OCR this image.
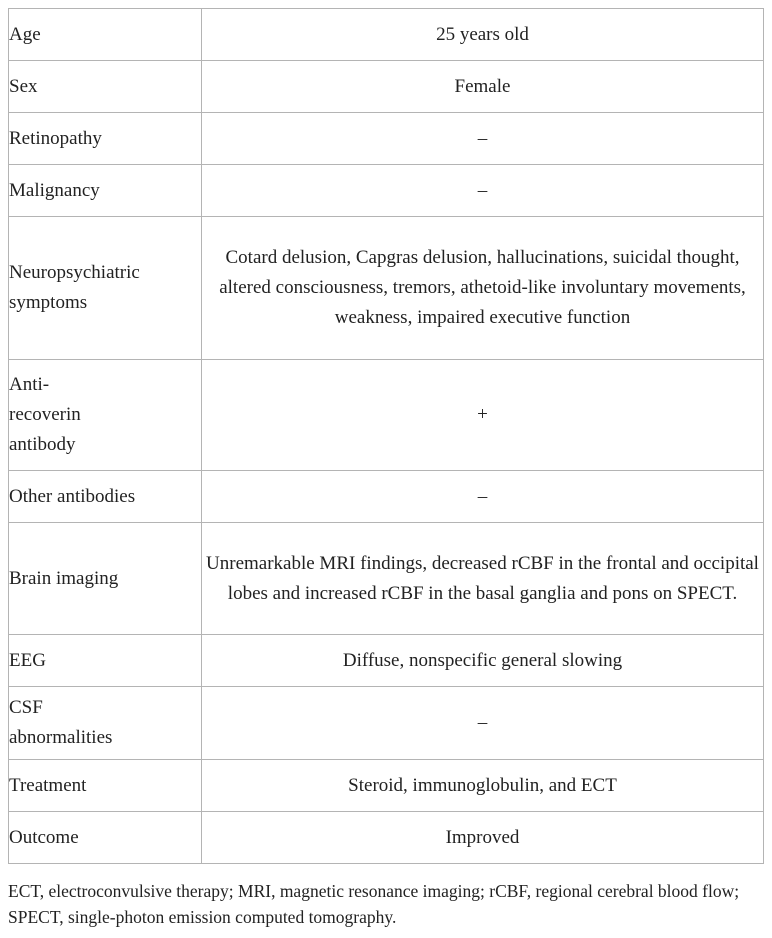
Age	25 years old
Sex	Female
Retinopathy	–
Malignancy	–
Neuropsychiatric symptoms	Cotard delusion, Capgras delusion, hallucinations, suicidal thought, altered consciousness, tremors, athetoid-like involuntary movements, weakness, impaired executive function
Anti-recoverin antibody	+
Other antibodies	–
Brain imaging	Unremarkable MRI findings, decreased rCBF in the frontal and occipital lobes and increased rCBF in the basal ganglia and pons on SPECT.
EEG	Diffuse, nonspecific general slowing
CSF abnormalities	–
Treatment	Steroid, immunoglobulin, and ECT
Outcome	Improved
ECT, electroconvulsive therapy; MRI, magnetic resonance imaging; rCBF, regional cerebral blood flow; SPECT, single-photon emission computed tomography.
